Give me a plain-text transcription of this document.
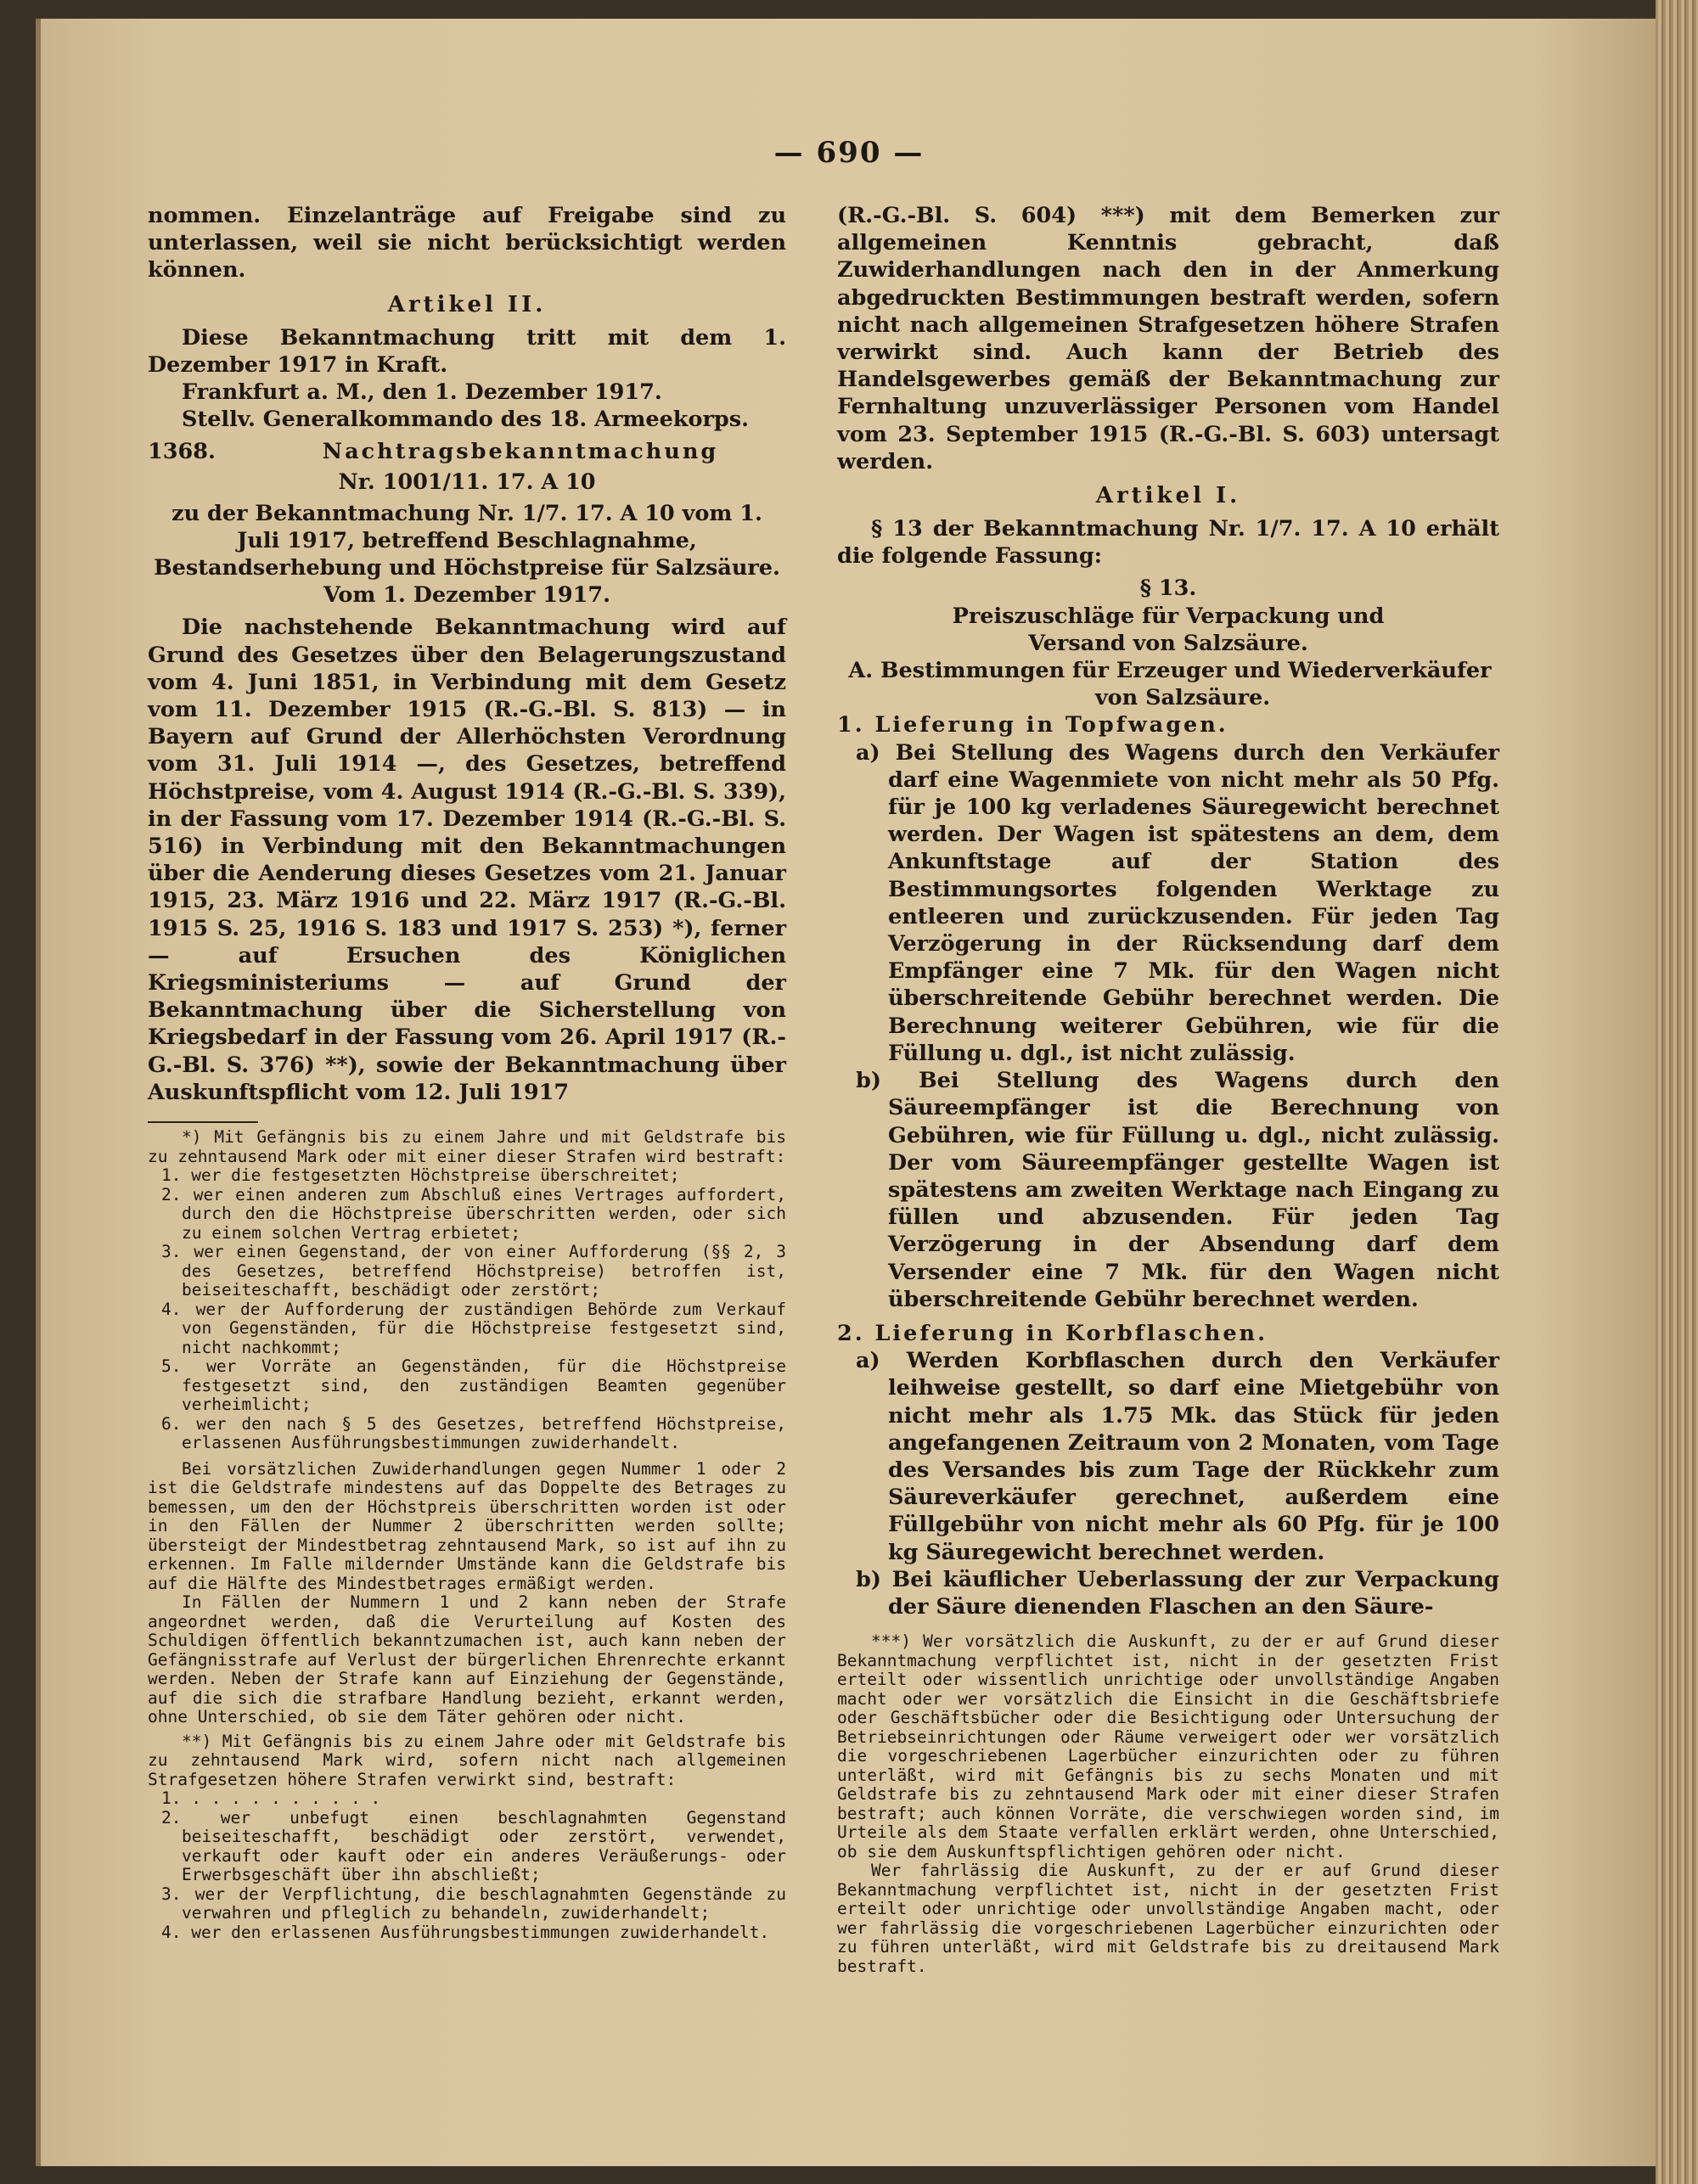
— 690 —

nommen. Einzelanträge auf Freigabe sind zu unterlassen, weil sie nicht berücksichtigt werden können.

Artikel II.

Diese Bekanntmachung tritt mit dem 1. Dezember 1917 in Kraft.

Frankfurt a. M., den 1. Dezember 1917.

Stellv. Generalkommando des 18. Armeekorps.

1368.	Nachtragsbekanntmachung

Nr. 1001/11. 17. A 10

zu der Bekanntmachung Nr. 1/7. 17. A 10 vom 1. Juli 1917, betreffend Beschlagnahme, Bestandserhebung und Höchstpreise für Salzsäure. Vom 1. Dezember 1917.

Die nachstehende Bekanntmachung wird auf Grund des Gesetzes über den Belagerungszustand vom 4. Juni 1851, in Verbindung mit dem Gesetz vom 11. Dezember 1915 (R.-G.-Bl. S. 813) — in Bayern auf Grund der Allerhöchsten Verordnung vom 31. Juli 1914 —, des Gesetzes, betreffend Höchstpreise, vom 4. August 1914 (R.-G.-Bl. S. 339), in der Fassung vom 17. Dezember 1914 (R.-G.-Bl. S. 516) in Verbindung mit den Bekanntmachungen über die Aenderung dieses Gesetzes vom 21. Januar 1915, 23. März 1916 und 22. März 1917 (R.-G.-Bl. 1915 S. 25, 1916 S. 183 und 1917 S. 253) *), ferner — auf Ersuchen des Königlichen Kriegsministeriums — auf Grund der Bekanntmachung über die Sicherstellung von Kriegsbedarf in der Fassung vom 26. April 1917 (R.-G.-Bl. S. 376) **), sowie der Bekanntmachung über Auskunftspflicht vom 12. Juli 1917

*) Mit Gefängnis bis zu einem Jahre und mit Geldstrafe bis zu zehntausend Mark oder mit einer dieser Strafen wird bestraft:

1. wer die festgesetzten Höchstpreise überschreitet;

2. wer einen anderen zum Abschluß eines Vertrages auffordert, durch den die Höchstpreise überschritten werden, oder sich zu einem solchen Vertrag erbietet;

3. wer einen Gegenstand, der von einer Aufforderung (§§ 2, 3 des Gesetzes, betreffend Höchstpreise) betroffen ist, beiseiteschafft, beschädigt oder zerstört;

4. wer der Aufforderung der zuständigen Behörde zum Verkauf von Gegenständen, für die Höchstpreise festgesetzt sind, nicht nachkommt;

5. wer Vorräte an Gegenständen, für die Höchstpreise festgesetzt sind, den zuständigen Beamten gegenüber verheimlicht;

6. wer den nach § 5 des Gesetzes, betreffend Höchstpreise, erlassenen Ausführungsbestimmungen zuwiderhandelt.

Bei vorsätzlichen Zuwiderhandlungen gegen Nummer 1 oder 2 ist die Geldstrafe mindestens auf das Doppelte des Betrages zu bemessen, um den der Höchstpreis überschritten worden ist oder in den Fällen der Nummer 2 überschritten werden sollte; übersteigt der Mindestbetrag zehntausend Mark, so ist auf ihn zu erkennen. Im Falle mildernder Umstände kann die Geldstrafe bis auf die Hälfte des Mindestbetrages ermäßigt werden.

In Fällen der Nummern 1 und 2 kann neben der Strafe angeordnet werden, daß die Verurteilung auf Kosten des Schuldigen öffentlich bekanntzumachen ist, auch kann neben der Gefängnisstrafe auf Verlust der bürgerlichen Ehrenrechte erkannt werden. Neben der Strafe kann auf Einziehung der Gegenstände, auf die sich die strafbare Handlung bezieht, erkannt werden, ohne Unterschied, ob sie dem Täter gehören oder nicht.

**) Mit Gefängnis bis zu einem Jahre oder mit Geldstrafe bis zu zehntausend Mark wird, sofern nicht nach allgemeinen Strafgesetzen höhere Strafen verwirkt sind, bestraft:

1. . . . . . . . . . .

2. wer unbefugt einen beschlagnahmten Gegenstand beiseiteschafft, beschädigt oder zerstört, verwendet, verkauft oder kauft oder ein anderes Veräußerungs- oder Erwerbsgeschäft über ihn abschließt;

3. wer der Verpflichtung, die beschlagnahmten Gegenstände zu verwahren und pfleglich zu behandeln, zuwiderhandelt;

4. wer den erlassenen Ausführungsbestimmungen zuwiderhandelt.

(R.-G.-Bl. S. 604) ***) mit dem Bemerken zur allgemeinen Kenntnis gebracht, daß Zuwiderhandlungen nach den in der Anmerkung abgedruckten Bestimmungen bestraft werden, sofern nicht nach allgemeinen Strafgesetzen höhere Strafen verwirkt sind. Auch kann der Betrieb des Handelsgewerbes gemäß der Bekanntmachung zur Fernhaltung unzuverlässiger Personen vom Handel vom 23. September 1915 (R.-G.-Bl. S. 603) untersagt werden.

Artikel I.

§ 13 der Bekanntmachung Nr. 1/7. 17. A 10 erhält die folgende Fassung:

§ 13.

Preiszuschläge für Verpackung und Versand von Salzsäure.

A. Bestimmungen für Erzeuger und Wiederverkäufer von Salzsäure.

1. Lieferung in Topfwagen.

a) Bei Stellung des Wagens durch den Verkäufer darf eine Wagenmiete von nicht mehr als 50 Pfg. für je 100 kg verladenes Säuregewicht berechnet werden. Der Wagen ist spätestens an dem, dem Ankunftstage auf der Station des Bestimmungsortes folgenden Werktage zu entleeren und zurückzusenden. Für jeden Tag Verzögerung in der Rücksendung darf dem Empfänger eine 7 Mk. für den Wagen nicht überschreitende Gebühr berechnet werden. Die Berechnung weiterer Gebühren, wie für die Füllung u. dgl., ist nicht zulässig.

b) Bei Stellung des Wagens durch den Säureempfänger ist die Berechnung von Gebühren, wie für Füllung u. dgl., nicht zulässig. Der vom Säureempfänger gestellte Wagen ist spätestens am zweiten Werktage nach Eingang zu füllen und abzusenden. Für jeden Tag Verzögerung in der Absendung darf dem Versender eine 7 Mk. für den Wagen nicht überschreitende Gebühr berechnet werden.

2. Lieferung in Korbflaschen.

a) Werden Korbflaschen durch den Verkäufer leihweise gestellt, so darf eine Mietgebühr von nicht mehr als 1.75 Mk. das Stück für jeden angefangenen Zeitraum von 2 Monaten, vom Tage des Versandes bis zum Tage der Rückkehr zum Säureverkäufer gerechnet, außerdem eine Füllgebühr von nicht mehr als 60 Pfg. für je 100 kg Säuregewicht berechnet werden.

b) Bei käuflicher Ueberlassung der zur Verpackung der Säure dienenden Flaschen an den Säure-

***) Wer vorsätzlich die Auskunft, zu der er auf Grund dieser Bekanntmachung verpflichtet ist, nicht in der gesetzten Frist erteilt oder wissentlich unrichtige oder unvollständige Angaben macht oder wer vorsätzlich die Einsicht in die Geschäftsbriefe oder Geschäftsbücher oder die Besichtigung oder Untersuchung der Betriebseinrichtungen oder Räume verweigert oder wer vorsätzlich die vorgeschriebenen Lagerbücher einzurichten oder zu führen unterläßt, wird mit Gefängnis bis zu sechs Monaten und mit Geldstrafe bis zu zehntausend Mark oder mit einer dieser Strafen bestraft; auch können Vorräte, die verschwiegen worden sind, im Urteile als dem Staate verfallen erklärt werden, ohne Unterschied, ob sie dem Auskunftspflichtigen gehören oder nicht.

Wer fahrlässig die Auskunft, zu der er auf Grund dieser Bekanntmachung verpflichtet ist, nicht in der gesetzten Frist erteilt oder unrichtige oder unvollständige Angaben macht, oder wer fahrlässig die vorgeschriebenen Lagerbücher einzurichten oder zu führen unterläßt, wird mit Geldstrafe bis zu dreitausend Mark bestraft.
